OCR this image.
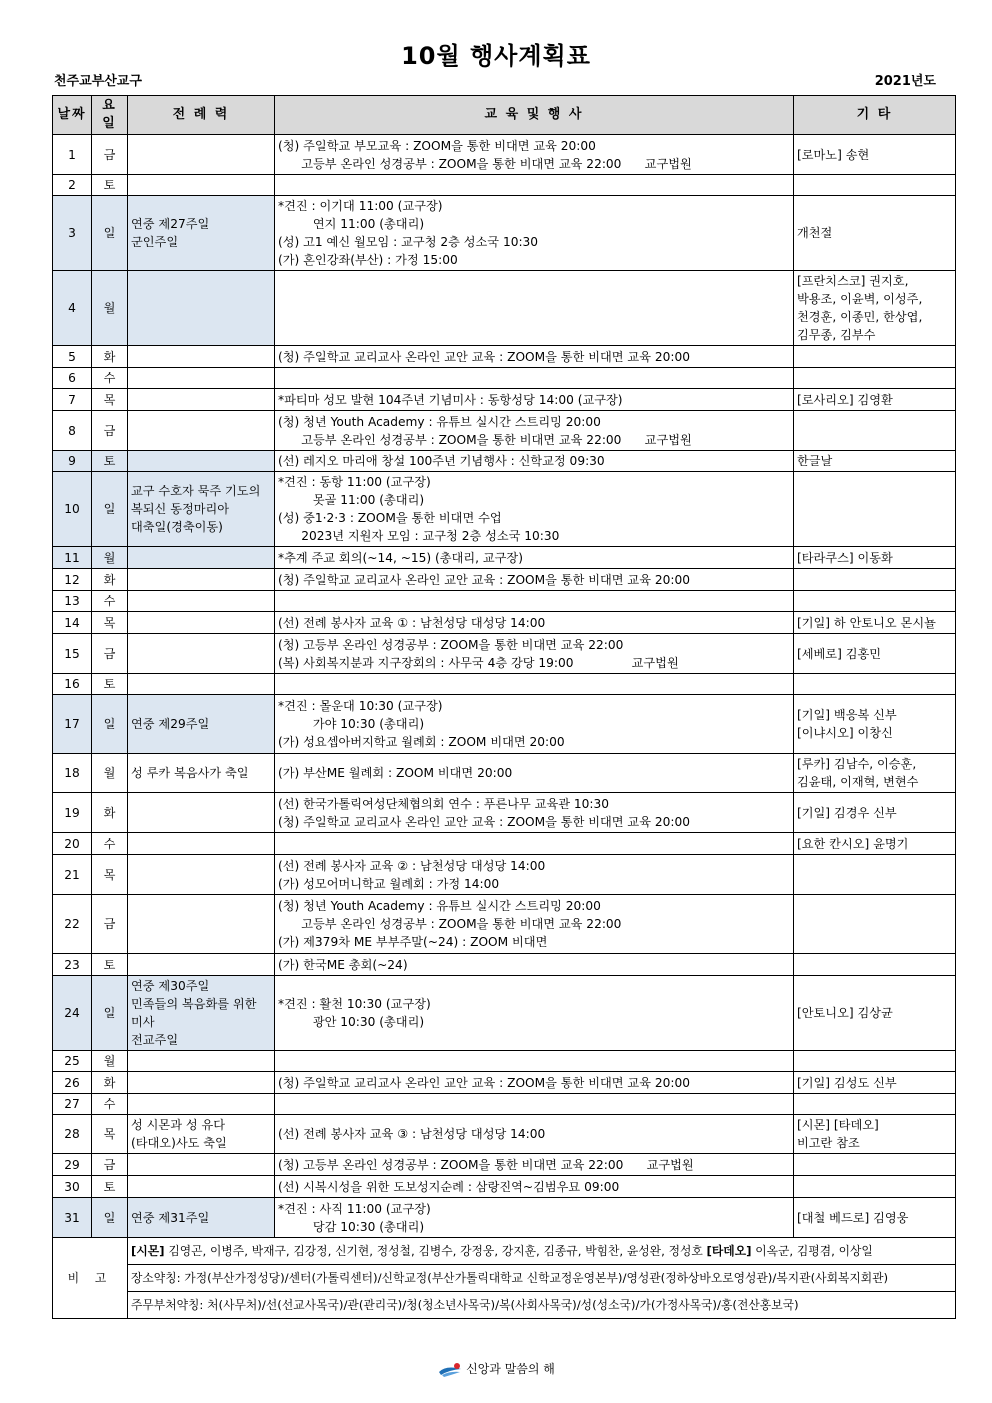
10월 행사계획표
천주교부산교구	2021년도
날짜	요일	전 례 력	교 육 및 행 사	기 타
1	금		(청) 주일학교 부모교육 : ZOOM을 통한 비대면 교육 20:00
고등부 온라인 성경공부 : ZOOM을 통한 비대면 교육 22:00      교구법원	[로마노] 송현
2	토			
3	일	연중 제27주일
군인주일	*견진 : 이기대 11:00 (교구장)
연지 11:00 (총대리)
(성) 고1 예신 월모임 : 교구청 2층 성소국 10:30
(가) 혼인강좌(부산) : 가정 15:00	개천절
4	월			[프란치스코] 권지호,
박용조, 이윤벽, 이성주,
천경훈, 이종민, 한상엽,
김무종, 김부수
5	화		(청) 주일학교 교리교사 온라인 교안 교육 : ZOOM을 통한 비대면 교육 20:00	
6	수			
7	목		*파티마 성모 발현 104주년 기념미사 : 동항성당 14:00 (교구장)	[로사리오] 김영환
8	금		(청) 청년 Youth Academy : 유튜브 실시간 스트리밍 20:00
고등부 온라인 성경공부 : ZOOM을 통한 비대면 교육 22:00      교구법원	
9	토		(선) 레지오 마리애 창설 100주년 기념행사 : 신학교정 09:30	한글날
10	일	교구 수호자 묵주 기도의
복되신 동정마리아
대축일(경축이동)	*견진 : 동항 11:00 (교구장)
못골 11:00 (총대리)
(성) 중1·2·3 : ZOOM을 통한 비대면 수업
2023년 지원자 모임 : 교구청 2층 성소국 10:30	
11	월		*추계 주교 회의(~14, ~15) (총대리, 교구장)	[타라쿠스] 이동화
12	화		(청) 주일학교 교리교사 온라인 교안 교육 : ZOOM을 통한 비대면 교육 20:00	
13	수			
14	목		(선) 전례 봉사자 교육 ① : 남천성당 대성당 14:00	[기일] 하 안토니오 몬시뇰
15	금		(청) 고등부 온라인 성경공부 : ZOOM을 통한 비대면 교육 22:00
(복) 사회복지분과 지구장회의 : 사무국 4층 강당 19:00               교구법원	[세베로] 김홍민
16	토			
17	일	연중 제29주일	*견진 : 몰운대 10:30 (교구장)
가야 10:30 (총대리)
(가) 성요셉아버지학교 월례회 : ZOOM 비대면 20:00	[기일] 백응복 신부
[이냐시오] 이창신
18	월	성 루카 복음사가 축일	(가) 부산ME 월례회 : ZOOM 비대면 20:00	[루카] 김남수, 이승훈,
김윤태, 이재혁, 변현수
19	화		(선) 한국가톨릭여성단체협의회 연수 : 푸른나무 교육관 10:30
(청) 주일학교 교리교사 온라인 교안 교육 : ZOOM을 통한 비대면 교육 20:00	[기일] 김경우 신부
20	수			[요한 칸시오] 윤명기
21	목		(선) 전례 봉사자 교육 ② : 남천성당 대성당 14:00
(가) 성모어머니학교 월례회 : 가정 14:00	
22	금		(청) 청년 Youth Academy : 유튜브 실시간 스트리밍 20:00
고등부 온라인 성경공부 : ZOOM을 통한 비대면 교육 22:00
(가) 제379차 ME 부부주말(~24) : ZOOM 비대면	
23	토		(가) 한국ME 총회(~24)	
24	일	연중 제30주일
민족들의 복음화를 위한
미사
전교주일	*견진 : 활천 10:30 (교구장)
광안 10:30 (총대리)	[안토니오] 김상균
25	월			
26	화		(청) 주일학교 교리교사 온라인 교안 교육 : ZOOM을 통한 비대면 교육 20:00	[기일] 김성도 신부
27	수			
28	목	성 시몬과 성 유다
(타대오)사도 축일	(선) 전례 봉사자 교육 ③ : 남천성당 대성당 14:00	[시몬] [타데오]
비고란 참조
29	금		(청) 고등부 온라인 성경공부 : ZOOM을 통한 비대면 교육 22:00      교구법원	
30	토		(선) 시복시성을 위한 도보성지순례 : 삼랑진역~김범우묘 09:00	
31	일	연중 제31주일	*견진 : 사직 11:00 (교구장)
당감 10:30 (총대리)	[대철 베드로] 김영웅
비 고		[시몬] 김영곤, 이병주, 박재구, 김강정, 신기현, 정성철, 김병수, 강정웅, 강지훈, 김종규, 박힘찬, 윤성완, 정성호 [타데오] 이옥군, 김평겸, 이상일		
		장소약칭: 가정(부산가정성당)/센터(가톨릭센터)/신학교정(부산가톨릭대학교 신학교정운영본부)/영성관(정하상바오로영성관)/복지관(사회복지회관)		
		주무부처약칭: 처(사무처)/선(선교사목국)/관(관리국)/청(청소년사목국)/복(사회사목국)/성(성소국)/가(가정사목국)/홍(전산홍보국)		
신앙과 말씀의 해
